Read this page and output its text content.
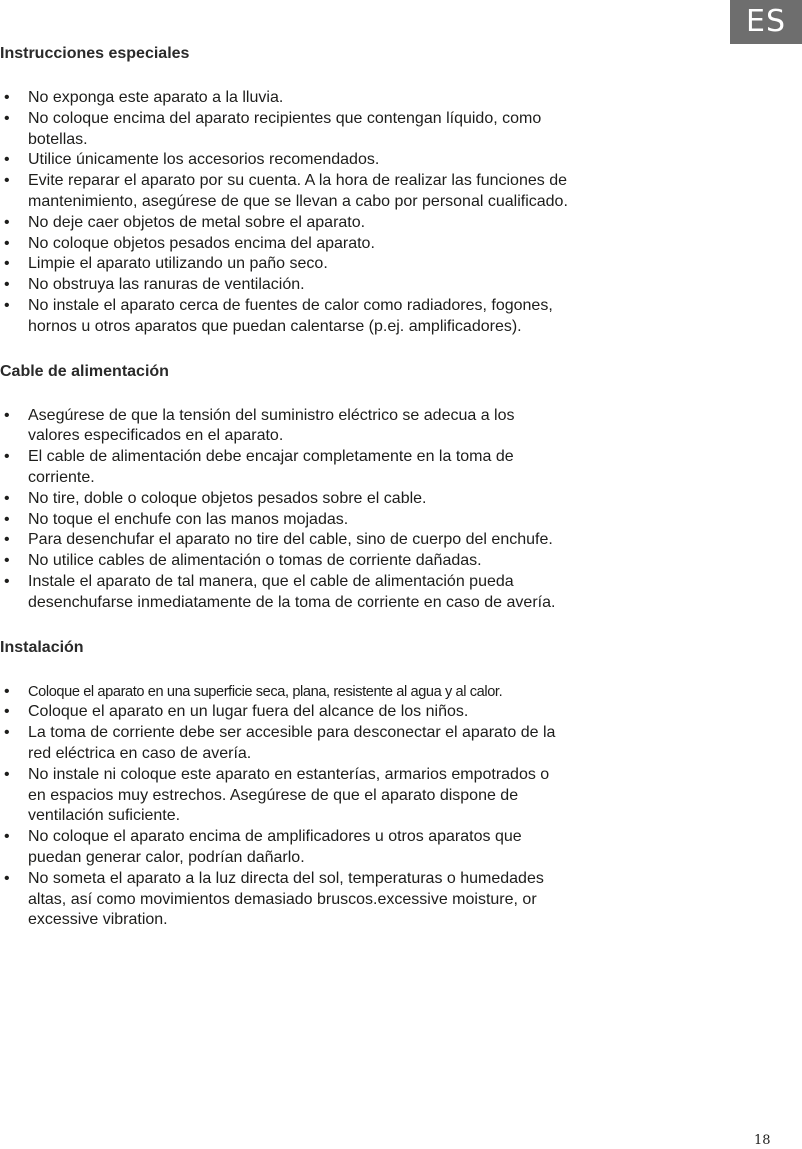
ES
Instrucciones especiales
• No exponga este aparato a la lluvia.
• No coloque encima del aparato recipientes que contengan líquido, como botellas.
• Utilice únicamente los accesorios recomendados.
• Evite reparar el aparato por su cuenta. A la hora de realizar las funciones de mantenimiento, asegúrese de que se llevan a cabo por personal cualificado.
• No deje caer objetos de metal sobre el aparato.
• No coloque objetos pesados encima del aparato.
• Limpie el aparato utilizando un paño seco.
• No obstruya las ranuras de ventilación.
• No instale el aparato cerca de fuentes de calor como radiadores, fogones, hornos u otros aparatos que puedan calentarse (p.ej. amplificadores).
Cable de alimentación
• Asegúrese de que la tensión del suministro eléctrico se adecua a los valores especificados en el aparato.
• El cable de alimentación debe encajar completamente en la toma de corriente.
• No tire, doble o coloque objetos pesados sobre el cable.
• No toque el enchufe con las manos mojadas.
• Para desenchufar el aparato no tire del cable, sino de cuerpo del enchufe.
• No utilice cables de alimentación o tomas de corriente dañadas.
• Instale el aparato de tal manera, que el cable de alimentación pueda desenchufarse inmediatamente de la toma de corriente en caso de avería.
Instalación
• Coloque el aparato en una superficie seca, plana, resistente al agua y al calor.
• Coloque el aparato en un lugar fuera del alcance de los niños.
• La toma de corriente debe ser accesible para desconectar el aparato de la red eléctrica en caso de avería.
• No instale ni coloque este aparato en estanterías, armarios empotrados o en espacios muy estrechos. Asegúrese de que el aparato dispone de ventilación suficiente.
• No coloque el aparato encima de amplificadores u otros aparatos que puedan generar calor, podrían dañarlo.
• No someta el aparato a la luz directa del sol, temperaturas o humedades altas, así como movimientos demasiado bruscos.excessive moisture, or excessive vibration.
18
